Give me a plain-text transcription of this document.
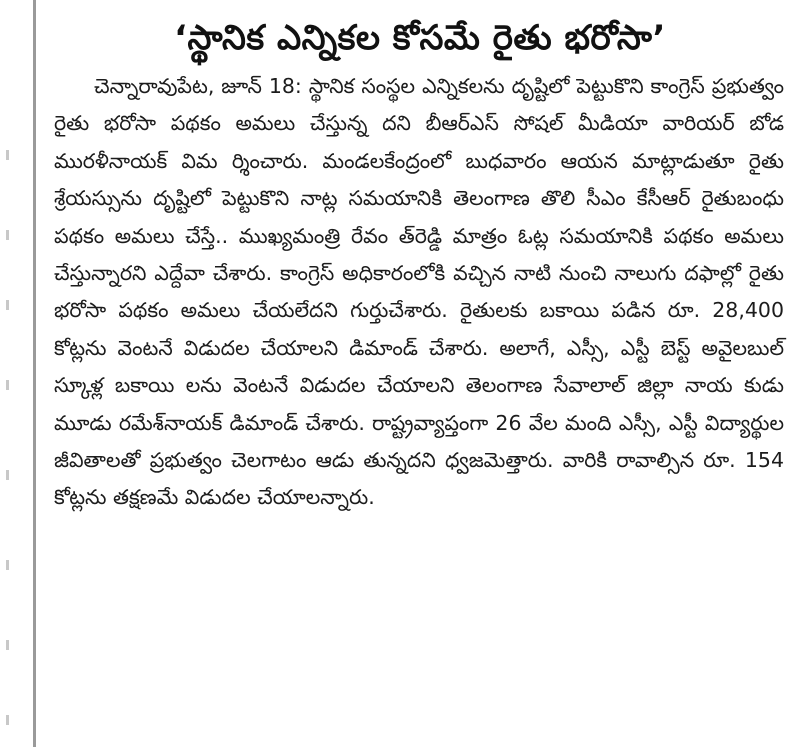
‘స్థానిక ఎన్నికల కోసమే రైతు భరోసా’

చెన్నారావుపేట, జూన్ 18: స్థానిక సంస్థల ఎన్నికలను దృష్టిలో పెట్టుకొని కాంగ్రెస్ ప్రభుత్వం రైతు భరోసా పథకం అమలు చేస్తున్న దని బీఆర్ఎస్ సోషల్ మీడియా వారియర్ బోడ మురళీనాయక్ విమ ర్శించారు. మండలకేంద్రంలో బుధవారం ఆయన మాట్లాడుతూ రైతు శ్రేయస్సును దృష్టిలో పెట్టుకొని నాట్ల సమయానికి తెలంగాణ తొలి సీఎం కేసీఆర్ రైతుబంధు పథకం అమలు చేస్తే.. ముఖ్యమంత్రి రేవం త్‌రెడ్డి మాత్రం ఓట్ల సమయానికి పథకం అమలు చేస్తున్నారని ఎద్దేవా చేశారు. కాంగ్రెస్ అధికారంలోకి వచ్చిన నాటి నుంచి నాలుగు దఫాల్లో రైతు భరోసా పథకం అమలు చేయలేదని గుర్తుచేశారు. రైతులకు బకాయి పడిన రూ. 28,400 కోట్లను వెంటనే విడుదల చేయాలని డిమాండ్ చేశారు. అలాగే, ఎస్సీ, ఎస్టీ బెస్ట్ అవైలబుల్ స్కూళ్ల బకాయి లను వెంటనే విడుదల చేయాలని తెలంగాణ సేవాలాల్ జిల్లా నాయ కుడు మూడు రమేశ్‌నాయక్ డిమాండ్ చేశారు. రాష్ట్రవ్యాప్తంగా 26 వేల మంది ఎస్సీ, ఎస్టీ విద్యార్థుల జీవితాలతో ప్రభుత్వం చెలగాటం ఆడు తున్నదని ధ్వజమెత్తారు. వారికి రావాల్సిన రూ. 154 కోట్లను తక్షణమే విడుదల చేయాలన్నారు.
